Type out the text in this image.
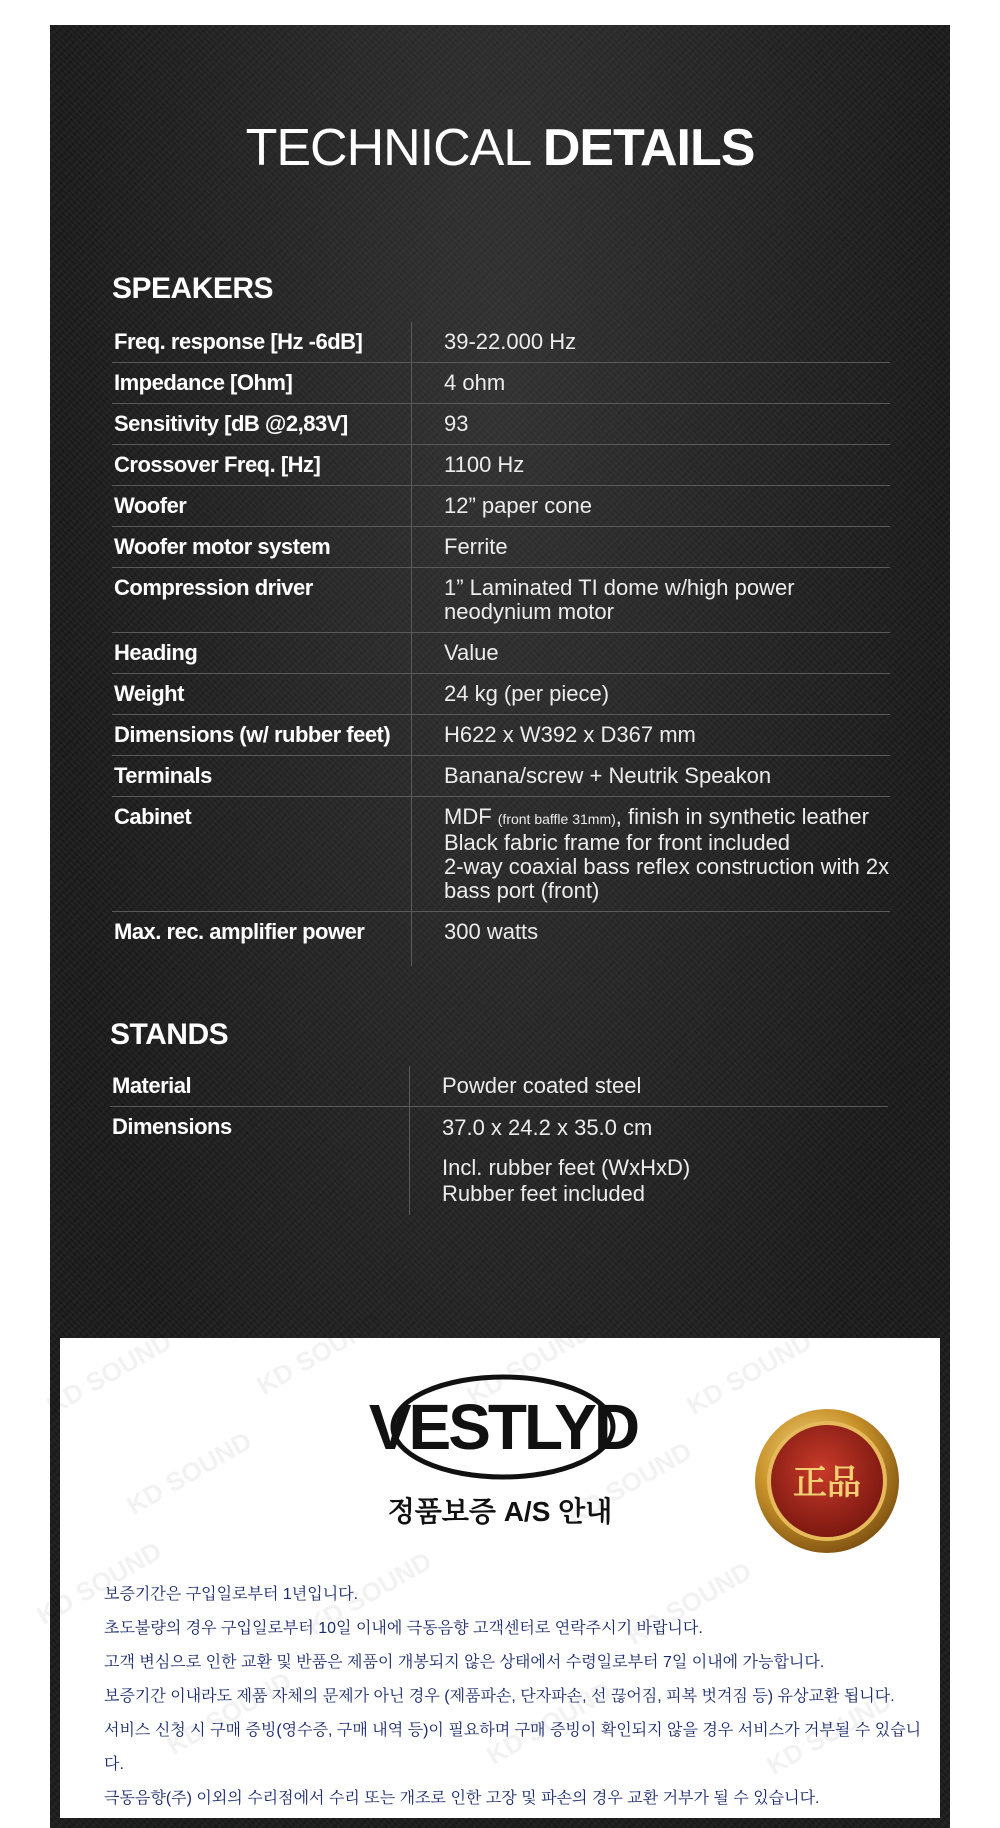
TECHNICAL DETAILS
SPEAKERS
Freq. response [Hz -6dB]	39-22.000 Hz
Impedance [Ohm]	4 ohm
Sensitivity [dB @2,83V]	93
Crossover Freq. [Hz]	1100 Hz
Woofer	12” paper cone
Woofer motor system	Ferrite
Compression driver	1” Laminated TI dome w/high power neodynium motor
Heading	Value
Weight	24 kg (per piece)
Dimensions (w/ rubber feet)	H622 x W392 x D367 mm
Terminals	Banana/screw + Neutrik Speakon
Cabinet	MDF (front baffle 31mm), finish in synthetic leather
Black fabric frame for front included
2-way coaxial bass reflex construction with 2x bass port (front)
Max. rec. amplifier power	300 watts
STANDS
Material	Powder coated steel
Dimensions	37.0 x 24.2 x 35.0 cm
Incl. rubber feet (WxHxD)
Rubber feet included
KD SOUND	KD SOUND	KD SOUND	KD SOUND
KD SOUND	KD SOUND
KD SOUND	KD SOUND	KD SOUND
KD SOUND	KD SOUND	KD SOUND
VESTLYD
正品
정품보증 A/S 안내
보증기간은 구입일로부터 1년입니다.
초도불량의 경우 구입일로부터 10일 이내에 극동음향 고객센터로 연락주시기 바랍니다.
고객 변심으로 인한 교환 및 반품은 제품이 개봉되지 않은 상태에서 수령일로부터 7일 이내에 가능합니다.
보증기간 이내라도 제품 자체의 문제가 아닌 경우 (제품파손, 단자파손, 선 끊어짐, 피복 벗겨짐 등) 유상교환 됩니다.
서비스 신청 시 구매 증빙(영수증, 구매 내역 등)이 필요하며 구매 증빙이 확인되지 않을 경우 서비스가 거부될 수 있습니다.
극동음향(주) 이외의 수리점에서 수리 또는 개조로 인한 고장 및 파손의 경우 교환 거부가 될 수 있습니다.
